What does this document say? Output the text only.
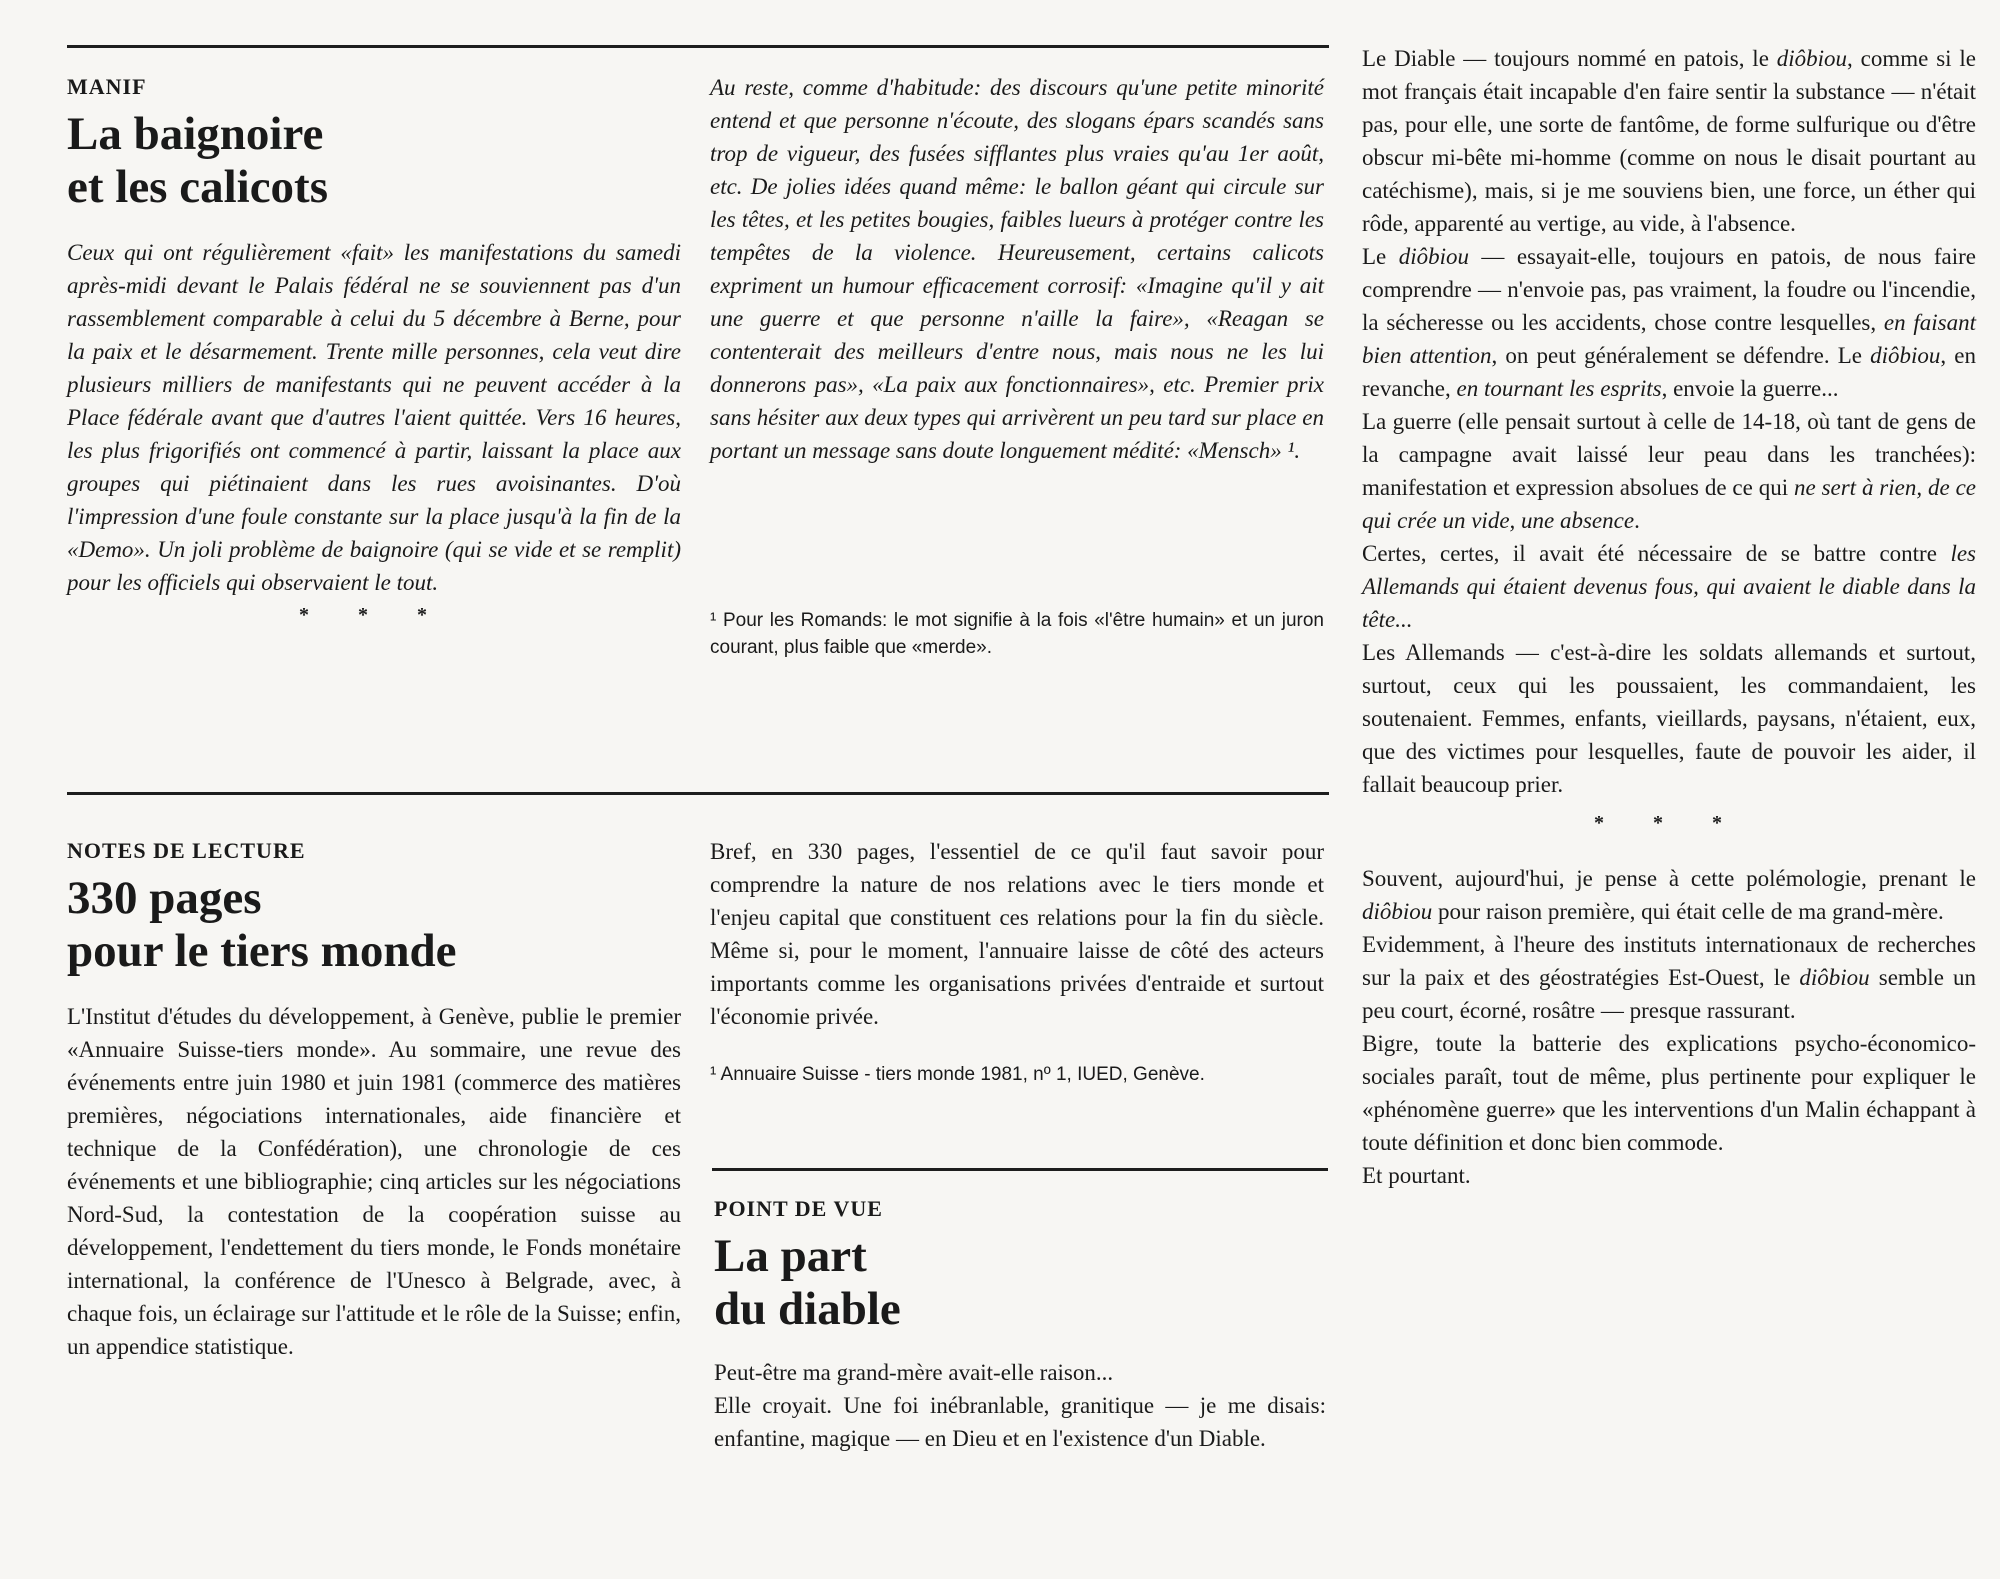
MANIF
La baignoire
et les calicots

Ceux qui ont régulièrement «fait» les manifestations du samedi après-midi devant le Palais fédéral ne se souviennent pas d'un rassemblement comparable à celui du 5 décembre à Berne, pour la paix et le désarmement. Trente mille personnes, cela veut dire plusieurs milliers de manifestants qui ne peuvent accéder à la Place fédérale avant que d'autres l'aient quittée. Vers 16 heures, les plus frigorifiés ont commencé à partir, laissant la place aux groupes qui piétinaient dans les rues avoisinantes. D'où l'impression d'une foule constante sur la place jusqu'à la fin de la «Demo». Un joli problème de baignoire (qui se vide et se remplit) pour les officiels qui observaient le tout.

* * *

Au reste, comme d'habitude: des discours qu'une petite minorité entend et que personne n'écoute, des slogans épars scandés sans trop de vigueur, des fusées sifflantes plus vraies qu'au 1er août, etc. De jolies idées quand même: le ballon géant qui circule sur les têtes, et les petites bougies, faibles lueurs à protéger contre les tempêtes de la violence. Heureusement, certains calicots expriment un humour efficacement corrosif: «Imagine qu'il y ait une guerre et que personne n'aille la faire», «Reagan se contenterait des meilleurs d'entre nous, mais nous ne les lui donnerons pas», «La paix aux fonctionnaires», etc. Premier prix sans hésiter aux deux types qui arrivèrent un peu tard sur place en portant un message sans doute longuement médité: «Mensch» ¹.

¹ Pour les Romands: le mot signifie à la fois «l'être humain» et un juron courant, plus faible que «merde».

NOTES DE LECTURE
330 pages
pour le tiers monde

L'Institut d'études du développement, à Genève, publie le premier «Annuaire Suisse-tiers monde». Au sommaire, une revue des événements entre juin 1980 et juin 1981 (commerce des matières premières, négociations internationales, aide financière et technique de la Confédération), une chronologie de ces événements et une bibliographie; cinq articles sur les négociations Nord-Sud, la contestation de la coopération suisse au développement, l'endettement du tiers monde, le Fonds monétaire international, la conférence de l'Unesco à Belgrade, avec, à chaque fois, un éclairage sur l'attitude et le rôle de la Suisse; enfin, un appendice statistique.

Bref, en 330 pages, l'essentiel de ce qu'il faut savoir pour comprendre la nature de nos relations avec le tiers monde et l'enjeu capital que constituent ces relations pour la fin du siècle. Même si, pour le moment, l'annuaire laisse de côté des acteurs importants comme les organisations privées d'entraide et surtout l'économie privée.

¹ Annuaire Suisse - tiers monde 1981, nº 1, IUED, Genève.

POINT DE VUE
La part
du diable

Peut-être ma grand-mère avait-elle raison...

Elle croyait. Une foi inébranlable, granitique — je me disais: enfantine, magique — en Dieu et en l'existence d'un Diable.

Le Diable — toujours nommé en patois, le diôbiou, comme si le mot français était incapable d'en faire sentir la substance — n'était pas, pour elle, une sorte de fantôme, de forme sulfurique ou d'être obscur mi-bête mi-homme (comme on nous le disait pourtant au catéchisme), mais, si je me souviens bien, une force, un éther qui rôde, apparenté au vertige, au vide, à l'absence.

Le diôbiou — essayait-elle, toujours en patois, de nous faire comprendre — n'envoie pas, pas vraiment, la foudre ou l'incendie, la sécheresse ou les accidents, chose contre lesquelles, en faisant bien attention, on peut généralement se défendre. Le diôbiou, en revanche, en tournant les esprits, envoie la guerre...

La guerre (elle pensait surtout à celle de 14-18, où tant de gens de la campagne avait laissé leur peau dans les tranchées): manifestation et expression absolues de ce qui ne sert à rien, de ce qui crée un vide, une absence.

Certes, certes, il avait été nécessaire de se battre contre les Allemands qui étaient devenus fous, qui avaient le diable dans la tête...

Les Allemands — c'est-à-dire les soldats allemands et surtout, surtout, ceux qui les poussaient, les commandaient, les soutenaient. Femmes, enfants, vieillards, paysans, n'étaient, eux, que des victimes pour lesquelles, faute de pouvoir les aider, il fallait beaucoup prier.

* * *

Souvent, aujourd'hui, je pense à cette polémologie, prenant le diôbiou pour raison première, qui était celle de ma grand-mère.

Evidemment, à l'heure des instituts internationaux de recherches sur la paix et des géostratégies Est-Ouest, le diôbiou semble un peu court, écorné, rosâtre — presque rassurant.

Bigre, toute la batterie des explications psycho-économico-sociales paraît, tout de même, plus pertinente pour expliquer le «phénomène guerre» que les interventions d'un Malin échappant à toute définition et donc bien commode.

Et pourtant.
